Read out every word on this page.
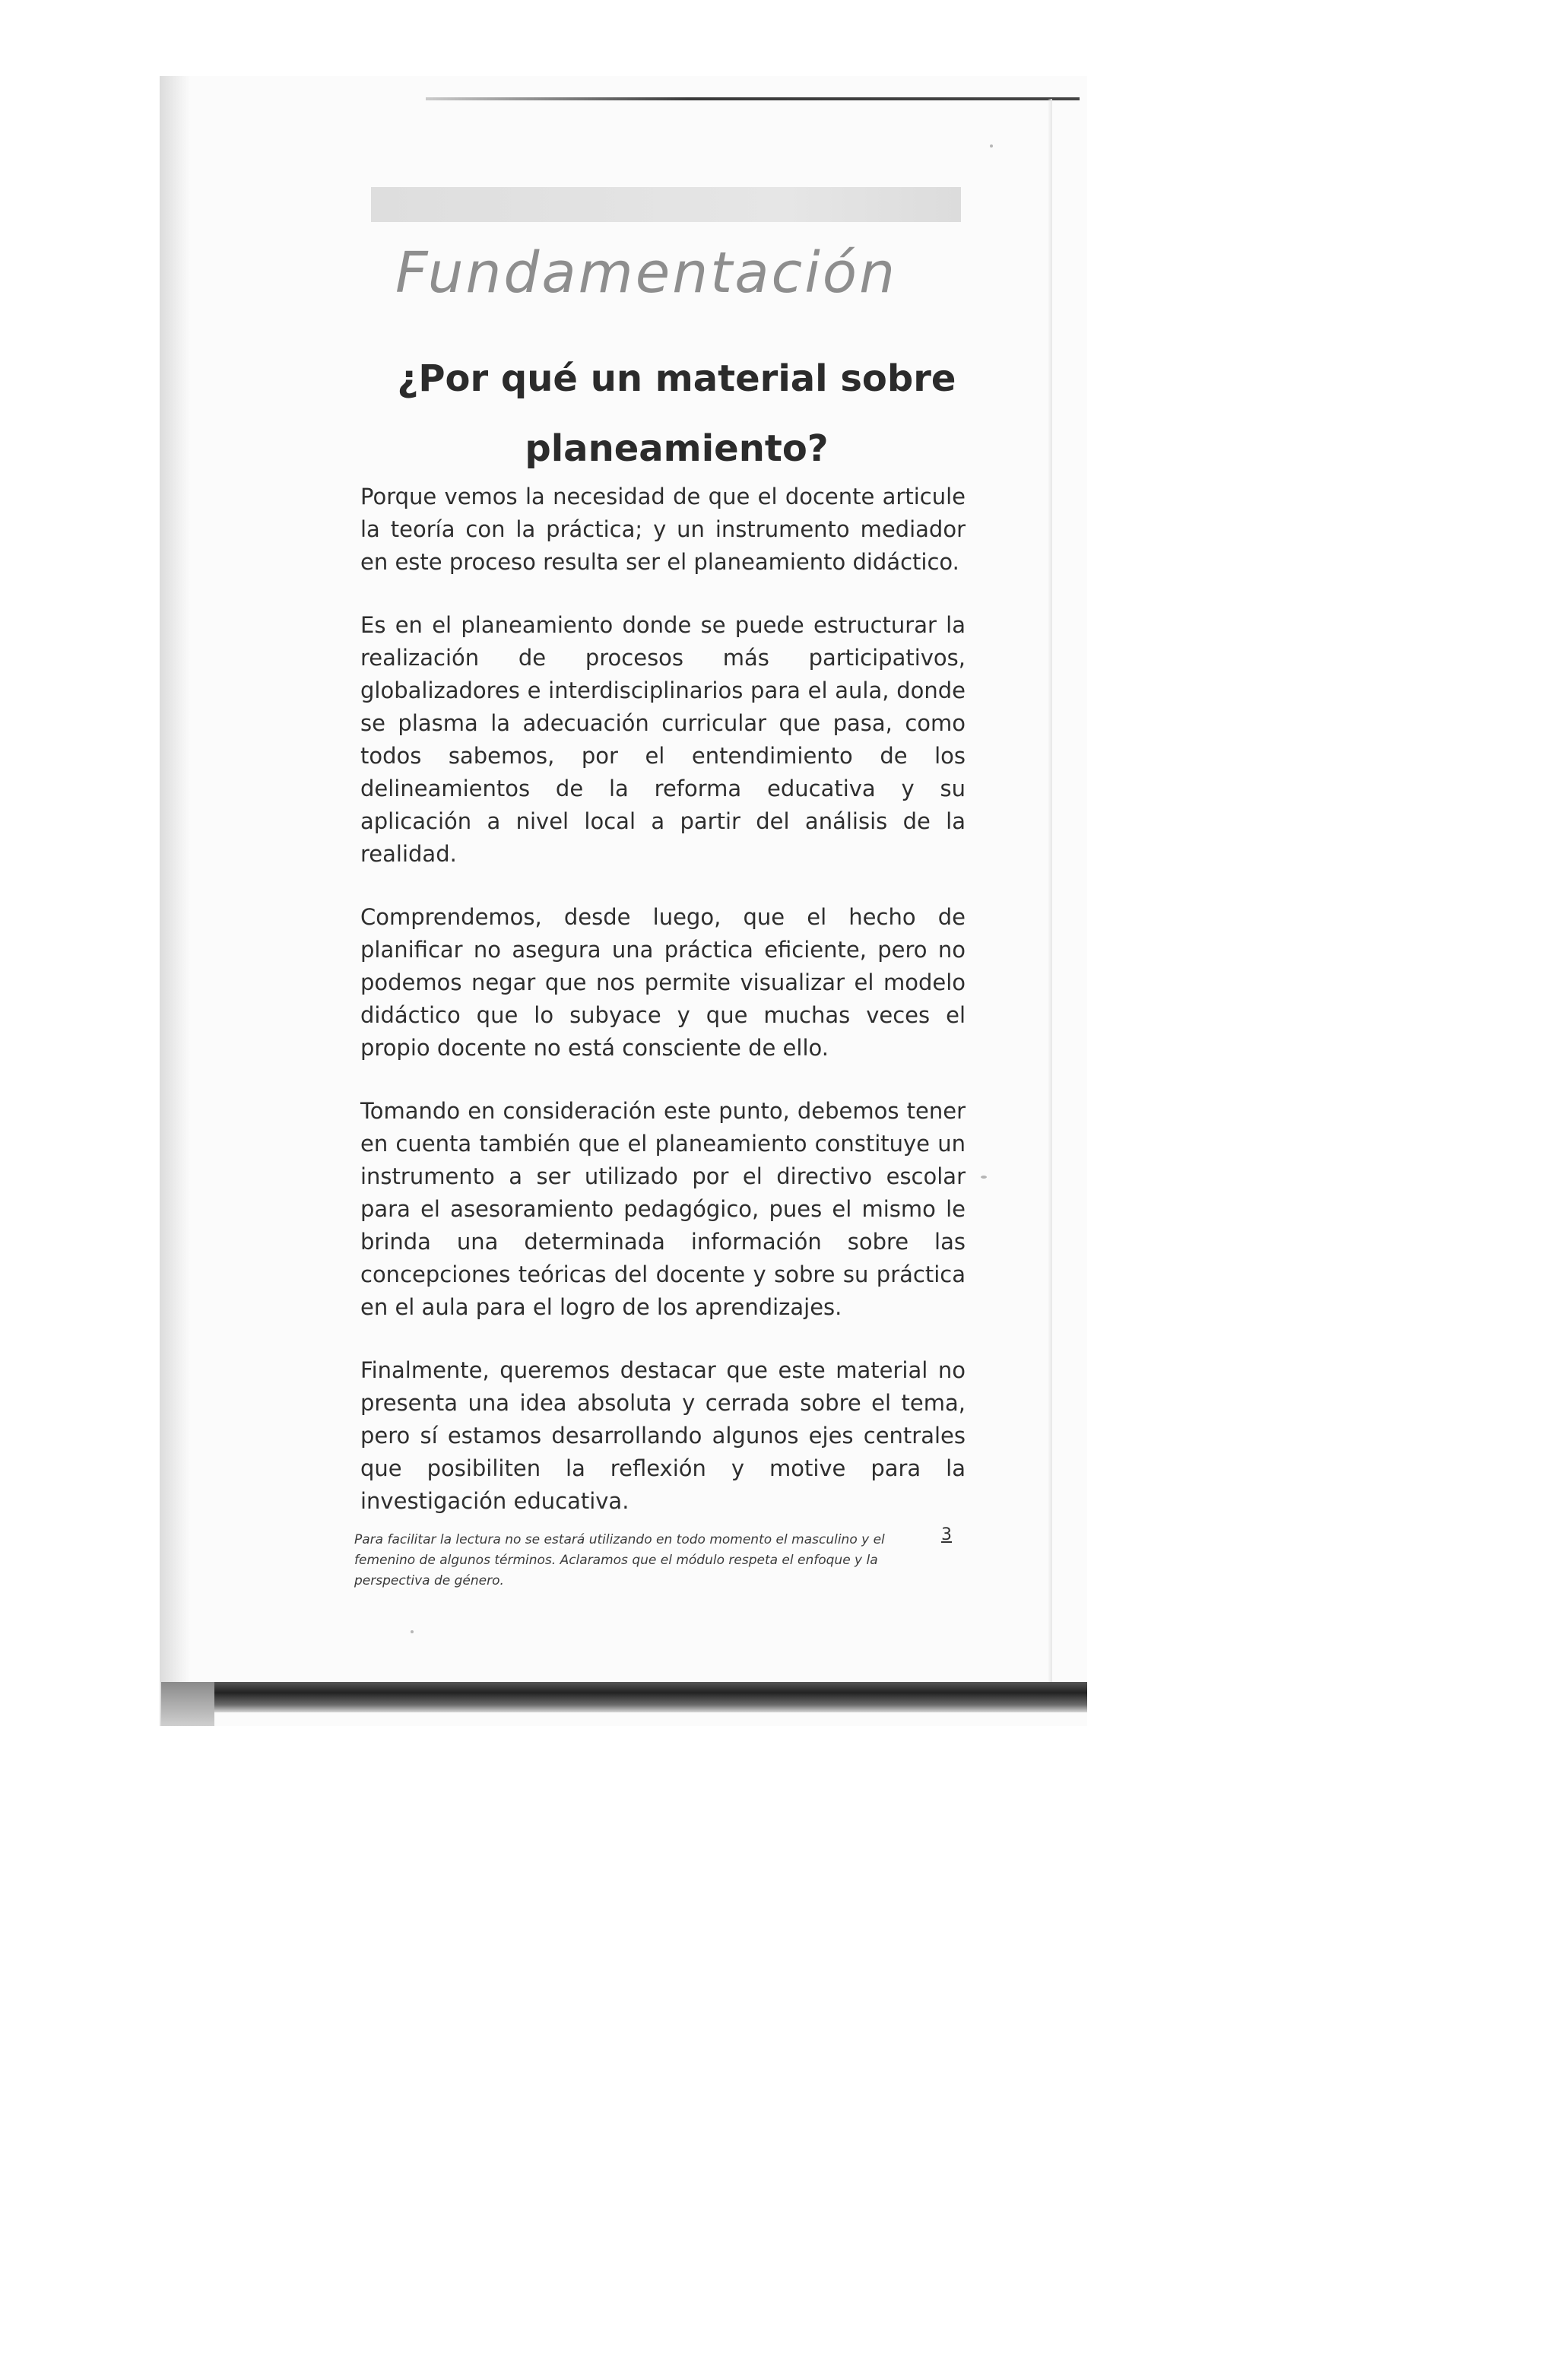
Fundamentación
¿Por qué un material sobre planeamiento?

Porque vemos la necesidad de que el docente articule la teoría con la práctica; y un instrumento mediador en este proceso resulta ser el planeamiento didáctico.

Es en el planeamiento donde se puede estructurar la realización de procesos más participativos, globalizadores e interdisciplinarios para el aula, donde se plasma la adecuación curricular que pasa, como todos sabemos, por el entendimiento de los delineamientos de la reforma educativa y su aplicación a nivel local a partir del análisis de la realidad.

Comprendemos, desde luego, que el hecho de planificar no asegura una práctica eficiente, pero no podemos negar que nos permite visualizar el modelo didáctico que lo subyace y que muchas veces el propio docente no está consciente de ello.

Tomando en consideración este punto, debemos tener en cuenta también que el planeamiento constituye un instrumento a ser utilizado por el directivo escolar para el asesoramiento pedagógico, pues el mismo le brinda una determinada información sobre las concepciones teóricas del docente y sobre su práctica en el aula para el logro de los aprendizajes.

Finalmente, queremos destacar que este material no presenta una idea absoluta y cerrada sobre el tema, pero sí estamos desarrollando algunos ejes centrales que posibiliten la reflexión y motive para la investigación educativa.

Para facilitar la lectura no se estará utilizando en todo momento el masculino y el femenino de algunos términos. Aclaramos que el módulo respeta el enfoque y la perspectiva de género.

3
